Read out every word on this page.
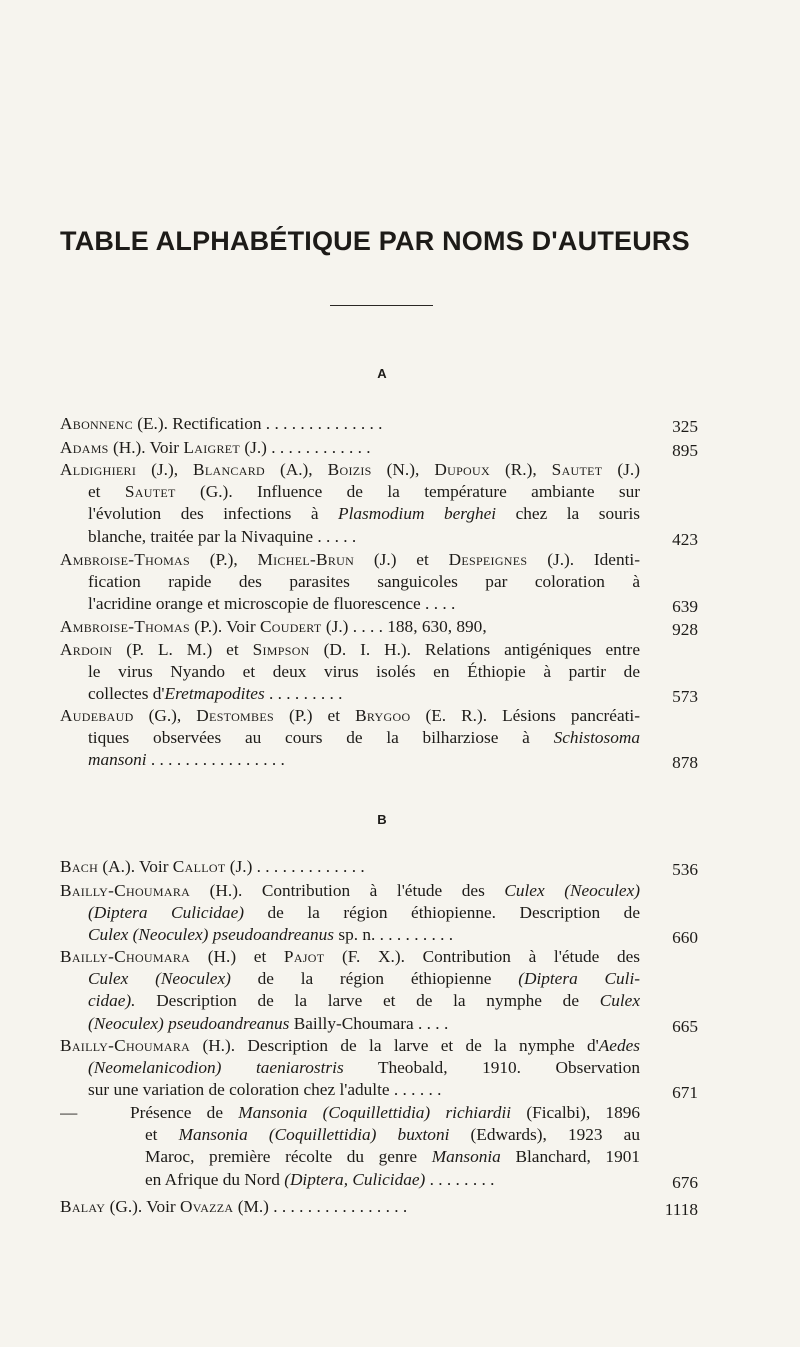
TABLE ALPHABÉTIQUE PAR NOMS D'AUTEURS
A
Abonnenc (E.). Rectification . . . . . . . . . . . . . .	325
Adams (H.). Voir Laigret (J.) . . . . . . . . . . . .	895
Aldighieri (J.), Blancard (A.), Boizis (N.), Dupoux (R.), Sautet (J.)
et Sautet (G.). Influence de la température ambiante sur
l'évolution des infections à Plasmodium berghei chez la souris
blanche, traitée par la Nivaquine . . . . .	423
Ambroise-Thomas (P.), Michel-Brun (J.) et Despeignes (J.). Identi-
fication rapide des parasites sanguicoles par coloration à
l'acridine orange et microscopie de fluorescence . . . .	639
Ambroise-Thomas (P.). Voir Coudert (J.) . . . . 188, 630, 890,	928
Ardoin (P. L. M.) et Simpson (D. I. H.). Relations antigéniques entre
le virus Nyando et deux virus isolés en Éthiopie à partir de
collectes d'Eretmapodites . . . . . . . . .	573
Audebaud (G.), Destombes (P.) et Brygoo (E. R.). Lésions pancréati-
tiques observées au cours de la bilharziose à Schistosoma
mansoni . . . . . . . . . . . . . . . .	878
B
Bach (A.). Voir Callot (J.) . . . . . . . . . . . . .	536
Bailly-Choumara (H.). Contribution à l'étude des Culex (Neoculex)
(Diptera Culicidae) de la région éthiopienne. Description de
Culex (Neoculex) pseudoandreanus sp. n. . . . . . . . . .	660
Bailly-Choumara (H.) et Pajot (F. X.). Contribution à l'étude des
Culex (Neoculex) de la région éthiopienne (Diptera Culi-
cidae). Description de la larve et de la nymphe de Culex
(Neoculex) pseudoandreanus Bailly-Choumara . . . .	665
Bailly-Choumara (H.). Description de la larve et de la nymphe d'Aedes
(Neomelanicodion) taeniarostris Theobald, 1910. Observation
sur une variation de coloration chez l'adulte . . . . . .	671
—	Présence de Mansonia (Coquillettidia) richiardii (Ficalbi), 1896
et Mansonia (Coquillettidia) buxtoni (Edwards), 1923 au
Maroc, première récolte du genre Mansonia Blanchard, 1901
en Afrique du Nord (Diptera, Culicidae) . . . . . . . .	676
Balay (G.). Voir Ovazza (M.) . . . . . . . . . . . . . . . .	1118
